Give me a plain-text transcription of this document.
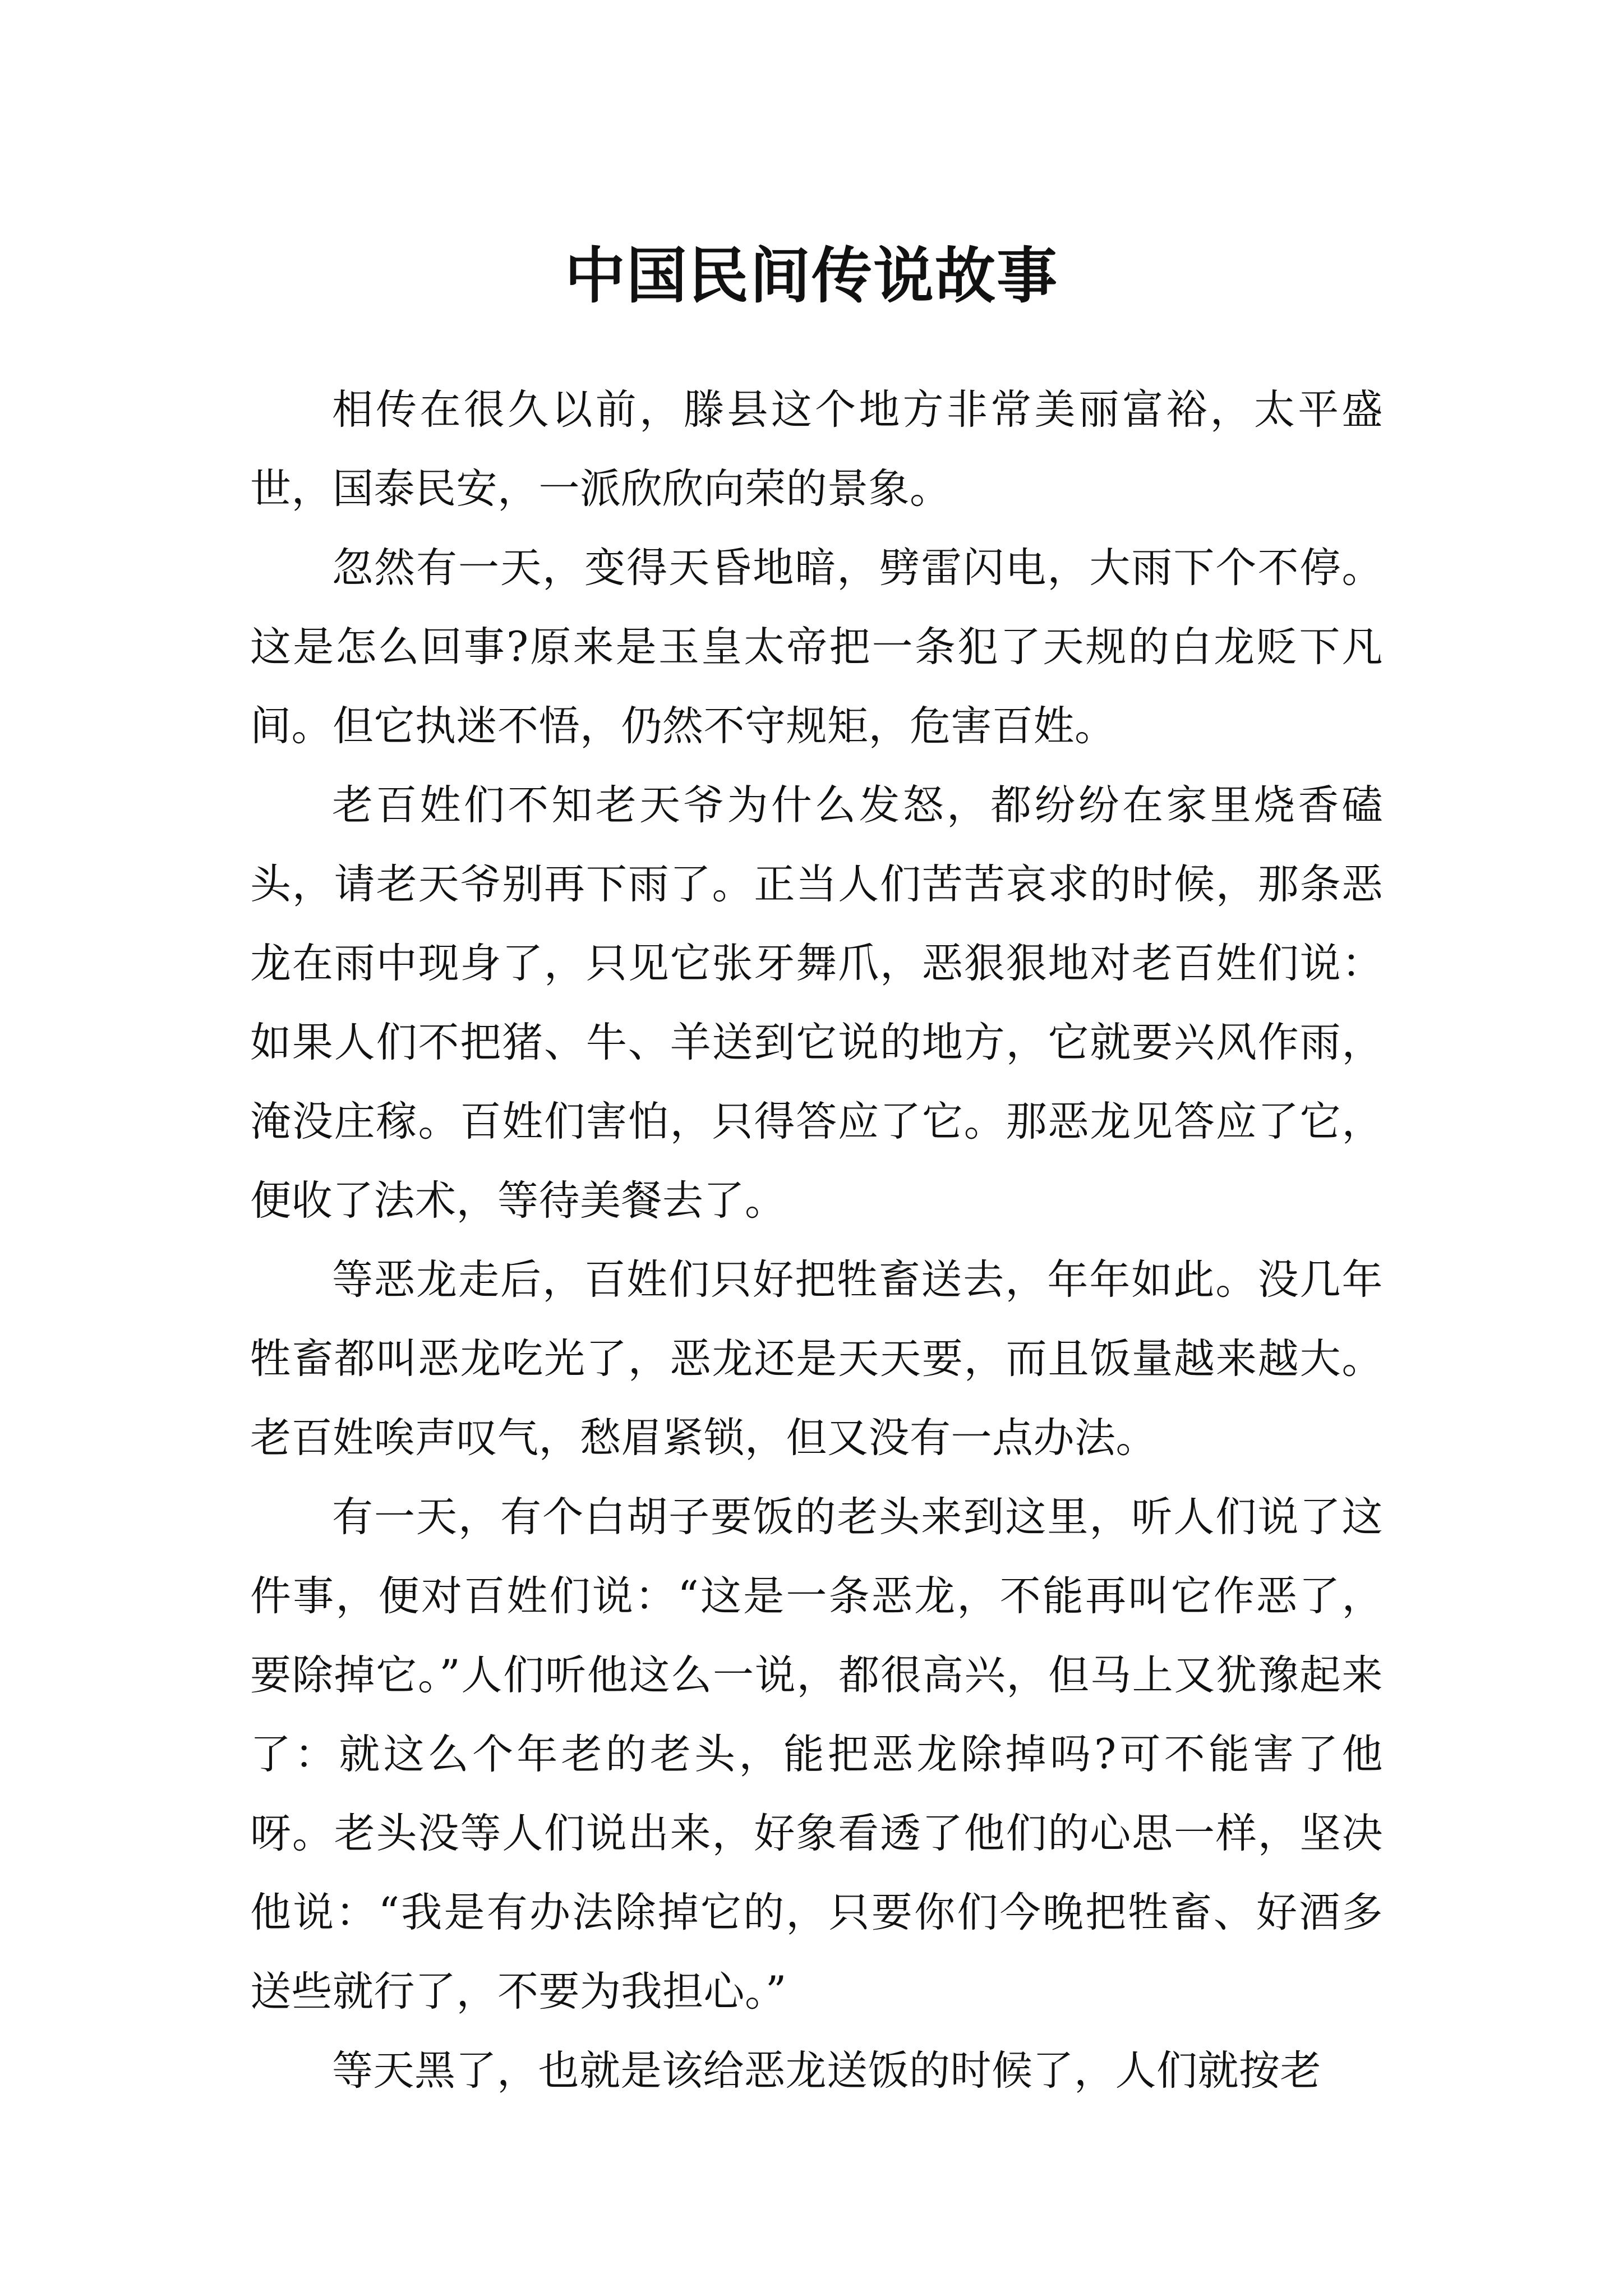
中国民间传说故事

相传在很久以前，滕县这个地方非常美丽富裕，太平盛世，国泰民安，一派欣欣向荣的景象。

忽然有一天，变得天昏地暗，劈雷闪电，大雨下个不停。这是怎么回事?原来是玉皇太帝把一条犯了天规的白龙贬下凡间。但它执迷不悟，仍然不守规矩，危害百姓。

老百姓们不知老天爷为什么发怒，都纷纷在家里烧香磕头，请老天爷别再下雨了。正当人们苦苦哀求的时候，那条恶龙在雨中现身了，只见它张牙舞爪，恶狠狠地对老百姓们说：如果人们不把猪、牛、羊送到它说的地方，它就要兴风作雨，淹没庄稼。百姓们害怕，只得答应了它。那恶龙见答应了它，便收了法术，等待美餐去了。

等恶龙走后，百姓们只好把牲畜送去，年年如此。没几年牲畜都叫恶龙吃光了，恶龙还是天天要，而且饭量越来越大。老百姓唉声叹气，愁眉紧锁，但又没有一点办法。

有一天，有个白胡子要饭的老头来到这里，听人们说了这件事，便对百姓们说：“这是一条恶龙，不能再叫它作恶了，要除掉它。”人们听他这么一说，都很高兴，但马上又犹豫起来了：就这么个年老的老头，能把恶龙除掉吗?可不能害了他呀。老头没等人们说出来，好象看透了他们的心思一样，坚决他说：“我是有办法除掉它的，只要你们今晚把牲畜、好酒多送些就行了，不要为我担心。”

等天黑了，也就是该给恶龙送饭的时候了，人们就按老
